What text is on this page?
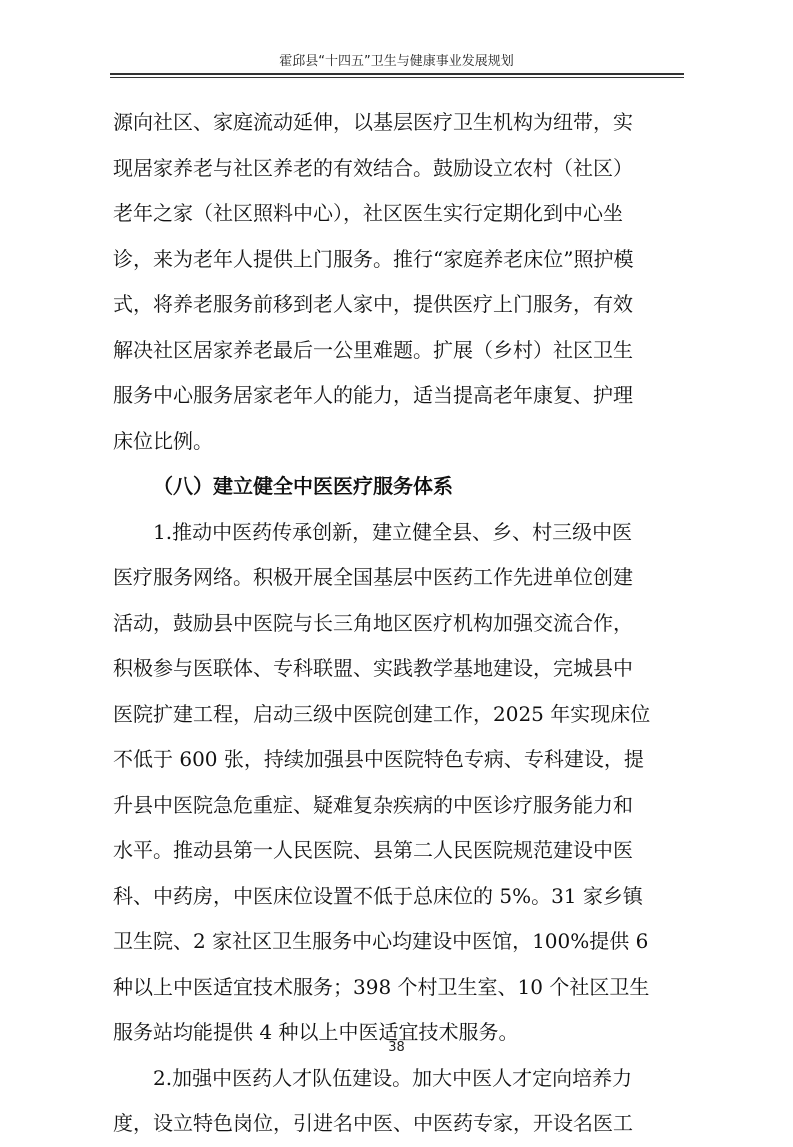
霍邱县“十四五”卫生与健康事业发展规划
源向社区、家庭流动延伸，以基层医疗卫生机构为纽带，实
现居家养老与社区养老的有效结合。鼓励设立农村（社区）
老年之家（社区照料中心），社区医生实行定期化到中心坐
诊，来为老年人提供上门服务。推行“家庭养老床位”照护模
式，将养老服务前移到老人家中，提供医疗上门服务，有效
解决社区居家养老最后一公里难题。扩展（乡村）社区卫生
服务中心服务居家老年人的能力，适当提高老年康复、护理
床位比例。
（八）建立健全中医医疗服务体系
1.推动中医药传承创新，建立健全县、乡、村三级中医
医疗服务网络。积极开展全国基层中医药工作先进单位创建
活动，鼓励县中医院与长三角地区医疗机构加强交流合作，
积极参与医联体、专科联盟、实践教学基地建设，完城县中
医院扩建工程，启动三级中医院创建工作，2025 年实现床位
不低于 600 张，持续加强县中医院特色专病、专科建设，提
升县中医院急危重症、疑难复杂疾病的中医诊疗服务能力和
水平。推动县第一人民医院、县第二人民医院规范建设中医
科、中药房，中医床位设置不低于总床位的 5%。31 家乡镇
卫生院、2 家社区卫生服务中心均建设中医馆，100%提供 6
种以上中医适宜技术服务；398 个村卫生室、10 个社区卫生
服务站均能提供 4 种以上中医适宜技术服务。
2.加强中医药人才队伍建设。加大中医人才定向培养力
度，设立特色岗位，引进名中医、中医药专家，开设名医工
38
